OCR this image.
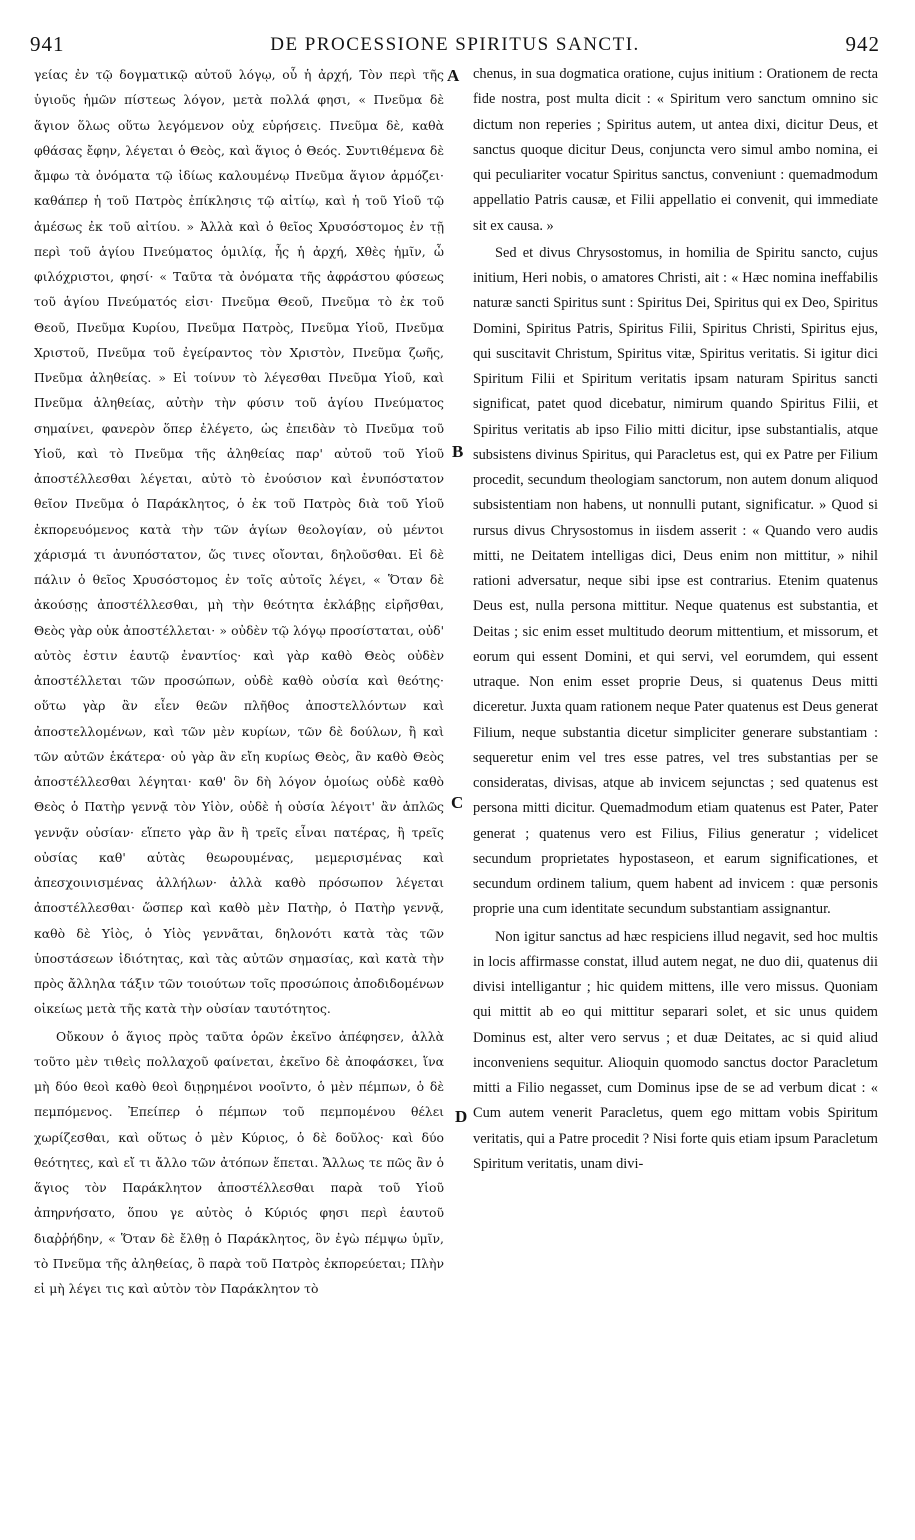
941	DE PROCESSIONE SPIRITUS SANCTI.	942

γείας ἐν τῷ δογματικῷ αὐτοῦ λόγῳ, οὗ ἡ ἀρχή, Τὸν περὶ τῆς ὑγιοῦς ἡμῶν πίστεως λόγον, μετὰ πολλά φησι, « Πνεῦμα δὲ ἅγιον ὅλως οὕτω λεγόμενον οὐχ εὑρήσεις. Πνεῦμα δὲ, καθὰ φθάσας ἔφην, λέγεται ὁ Θεὸς, καὶ ἅγιος ὁ Θεός. Συντιθέμενα δὲ ἄμφω τὰ ὀνόματα τῷ ἰδίως καλουμένῳ Πνεῦμα ἅγιον ἁρμόζει· καθάπερ ἡ τοῦ Πατρὸς ἐπίκλησις τῷ αἰτίῳ, καὶ ἡ τοῦ Υἱοῦ τῷ ἀμέσως ἐκ τοῦ αἰτίου. » Ἀλλὰ καὶ ὁ θεῖος Χρυσόστομος ἐν τῇ περὶ τοῦ ἁγίου Πνεύματος ὁμιλίᾳ, ἧς ἡ ἀρχή, Χθὲς ἡμῖν, ὦ φιλόχριστοι, φησί· « Ταῦτα τὰ ὀνόματα τῆς ἀφράστου φύσεως τοῦ ἁγίου Πνεύματός εἰσι· Πνεῦμα Θεοῦ, Πνεῦμα τὸ ἐκ τοῦ Θεοῦ, Πνεῦμα Κυρίου, Πνεῦμα Πατρὸς, Πνεῦμα Υἱοῦ, Πνεῦμα Χριστοῦ, Πνεῦμα τοῦ ἐγείραντος τὸν Χριστὸν, Πνεῦμα ζωῆς, Πνεῦμα ἀληθείας. » Εἰ τοίνυν τὸ λέγεσθαι Πνεῦμα Υἱοῦ, καὶ Πνεῦμα ἀληθείας, αὐτὴν τὴν φύσιν τοῦ ἁγίου Πνεύματος σημαίνει, φανερὸν ὅπερ ἐλέγετο, ὡς ἐπειδὰν τὸ Πνεῦμα τοῦ Υἱοῦ, καὶ τὸ Πνεῦμα τῆς ἀληθείας παρ' αὐτοῦ τοῦ Υἱοῦ ἀποστέλλεσθαι λέγεται, αὐτὸ τὸ ἐνούσιον καὶ ἐνυπόστατον θεῖον Πνεῦμα ὁ Παράκλητος, ὁ ἐκ τοῦ Πατρὸς διὰ τοῦ Υἱοῦ ἐκπορευόμενος κατὰ τὴν τῶν ἁγίων θεολογίαν, οὐ μέντοι χάρισμά τι ἀνυπόστατον, ὥς τινες οἴονται, δηλοῦσθαι. Εἰ δὲ πάλιν ὁ θεῖος Χρυσόστομος ἐν τοῖς αὐτοῖς λέγει, « Ὅταν δὲ ἀκούσῃς ἀποστέλλεσθαι, μὴ τὴν θεότητα ἐκλάβῃς εἰρῆσθαι, Θεὸς γὰρ οὐκ ἀποστέλλεται· » οὐδὲν τῷ λόγῳ προσίσταται, οὐδ' αὐτὸς ἐστιν ἑαυτῷ ἐναντίος· καὶ γὰρ καθὸ Θεὸς οὐδὲν ἀποστέλλεται τῶν προσώπων, οὐδὲ καθὸ οὐσία καὶ θεότης· οὕτω γὰρ ἂν εἶεν θεῶν πλῆθος ἀποστελλόντων καὶ ἀποστελλομένων, καὶ τῶν μὲν κυρίων, τῶν δὲ δούλων, ἢ καὶ τῶν αὐτῶν ἑκάτερα· οὐ γὰρ ἂν εἴη κυρίως Θεὸς, ἂν καθὸ Θεὸς ἀποστέλλεσθαι λέγηται· καθ' ὃν δὴ λόγον ὁμοίως οὐδὲ καθὸ Θεὸς ὁ Πατὴρ γεννᾷ τὸν Υἱὸν, οὐδὲ ἡ οὐσία λέγοιτ' ἂν ἁπλῶς γεννᾷν οὐσίαν· εἵπετο γὰρ ἂν ἢ τρεῖς εἶναι πατέρας, ἢ τρεῖς οὐσίας καθ' αὑτὰς θεωρουμένας, μεμερισμένας καὶ ἀπεσχοινισμένας ἀλλήλων· ἀλλὰ καθὸ πρόσωπον λέγεται ἀποστέλλεσθαι· ὥσπερ καὶ καθὸ μὲν Πατὴρ, ὁ Πατὴρ γεννᾷ, καθὸ δὲ Υἱὸς, ὁ Υἱὸς γεννᾶται, δηλονότι κατὰ τὰς τῶν ὑποστάσεων ἰδιότητας, καὶ τὰς αὐτῶν σημασίας, καὶ κατὰ τὴν πρὸς ἄλληλα τάξιν τῶν τοιούτων τοῖς προσώποις ἀποδιδομένων οἰκείως μετὰ τῆς κατὰ τὴν οὐσίαν ταυτότητος.

Οὔκουν ὁ ἅγιος πρὸς ταῦτα ὁρῶν ἐκεῖνο ἀπέφησεν, ἀλλὰ τοῦτο μὲν τιθεὶς πολλαχοῦ φαίνεται, ἐκεῖνο δὲ ἀποφάσκει, ἵνα μὴ δύο θεοὶ καθὸ θεοὶ διῃρημένοι νοοῖντο, ὁ μὲν πέμπων, ὁ δὲ πεμπόμενος. Ἐπείπερ ὁ πέμπων τοῦ πεμπομένου θέλει χωρίζεσθαι, καὶ οὕτως ὁ μὲν Κύριος, ὁ δὲ δοῦλος· καὶ δύο θεότητες, καὶ εἴ τι ἄλλο τῶν ἀτόπων ἕπεται. Ἄλλως τε πῶς ἂν ὁ ἅγιος τὸν Παράκλητον ἀποστέλλεσθαι παρὰ τοῦ Υἱοῦ ἀπηρνήσατο, ὅπου γε αὐτὸς ὁ Κύριός φησι περὶ ἑαυτοῦ διαῤῥήδην, « Ὅταν δὲ ἔλθῃ ὁ Παράκλητος, ὃν ἐγὼ πέμψω ὑμῖν, τὸ Πνεῦμα τῆς ἀληθείας, ὃ παρὰ τοῦ Πατρὸς ἐκπορεύεται; Πλὴν εἰ μὴ λέγει τις καὶ αὐτὸν τὸν Παράκλητον τὸ

A
B
C
D

chenus, in sua dogmatica oratione, cujus initium : Orationem de recta fide nostra, post multa dicit : « Spiritum vero sanctum omnino sic dictum non reperies ; Spiritus autem, ut antea dixi, dicitur Deus, et sanctus quoque dicitur Deus, conjuncta vero simul ambo nomina, ei qui peculiariter vocatur Spiritus sanctus, conveniunt : quemadmodum appellatio Patris causæ, et Filii appellatio ei convenit, qui immediate sit ex causa. »

Sed et divus Chrysostomus, in homilia de Spiritu sancto, cujus initium, Heri nobis, o amatores Christi, ait : « Hæc nomina ineffabilis naturæ sancti Spiritus sunt : Spiritus Dei, Spiritus qui ex Deo, Spiritus Domini, Spiritus Patris, Spiritus Filii, Spiritus Christi, Spiritus ejus, qui suscitavit Christum, Spiritus vitæ, Spiritus veritatis. Si igitur dici Spiritum Filii et Spiritum veritatis ipsam naturam Spiritus sancti significat, patet quod dicebatur, nimirum quando Spiritus Filii, et Spiritus veritatis ab ipso Filio mitti dicitur, ipse substantialis, atque subsistens divinus Spiritus, qui Paracletus est, qui ex Patre per Filium procedit, secundum theologiam sanctorum, non autem donum aliquod subsistentiam non habens, ut nonnulli putant, significatur. » Quod si rursus divus Chrysostomus in iisdem asserit : « Quando vero audis mitti, ne Deitatem intelligas dici, Deus enim non mittitur, » nihil rationi adversatur, neque sibi ipse est contrarius. Etenim quatenus Deus est, nulla persona mittitur. Neque quatenus est substantia, et Deitas ; sic enim esset multitudo deorum mittentium, et missorum, et eorum qui essent Domini, et qui servi, vel eorumdem, qui essent utraque. Non enim esset proprie Deus, si quatenus Deus mitti diceretur. Juxta quam rationem neque Pater quatenus est Deus generat Filium, neque substantia dicetur simpliciter generare substantiam : sequeretur enim vel tres esse patres, vel tres substantias per se consideratas, divisas, atque ab invicem sejunctas ; sed quatenus est persona mitti dicitur. Quemadmodum etiam quatenus est Pater, Pater generat ; quatenus vero est Filius, Filius generatur ; videlicet secundum proprietates hypostaseon, et earum significationes, et secundum ordinem talium, quem habent ad invicem : quæ personis proprie una cum identitate secundum substantiam assignantur.

Non igitur sanctus ad hæc respiciens illud negavit, sed hoc multis in locis affirmasse constat, illud autem negat, ne duo dii, quatenus dii divisi intelligantur ; hic quidem mittens, ille vero missus. Quoniam qui mittit ab eo qui mittitur separari solet, et sic unus quidem Dominus est, alter vero servus ; et duæ Deitates, ac si quid aliud inconveniens sequitur. Alioquin quomodo sanctus doctor Paracletum mitti a Filio negasset, cum Dominus ipse de se ad verbum dicat : « Cum autem venerit Paracletus, quem ego mittam vobis Spiritum veritatis, qui a Patre procedit ? Nisi forte quis etiam ipsum Paracletum Spiritum veritatis, unam divi-
